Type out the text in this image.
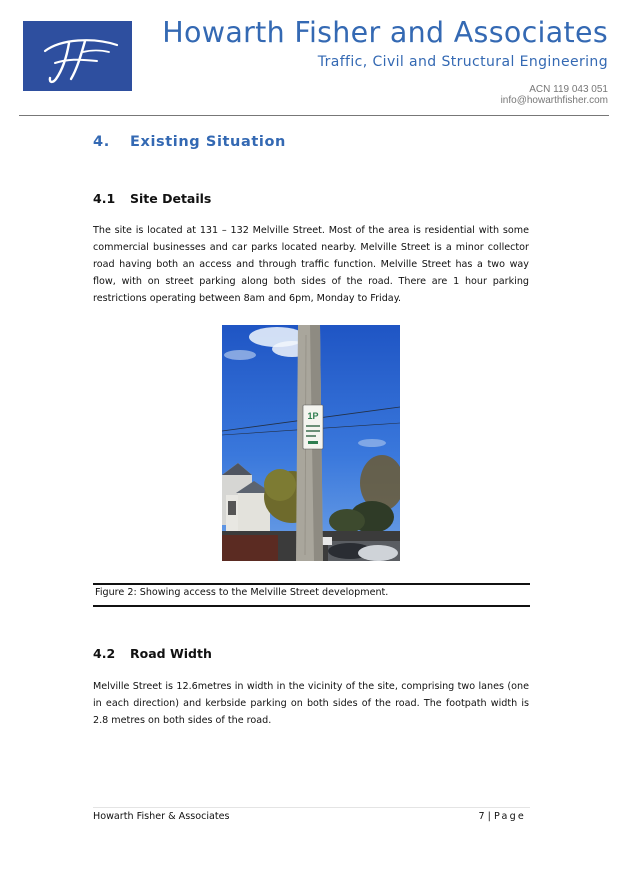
Howarth Fisher and Associates
Traffic, Civil and Structural Engineering
ACN 119 043 051
info@howarthfisher.com
4. Existing Situation
4.1 Site Details
The site is located at 131 – 132 Melville Street. Most of the area is residential with some commercial businesses and car parks located nearby. Melville Street is a minor collector road having both an access and through traffic function. Melville Street has a two way flow, with on street parking along both sides of the road. There are 1 hour parking restrictions operating between 8am and 6pm, Monday to Friday.
1P
Figure 2: Showing access to the Melville Street development.
4.2 Road Width
Melville Street is 12.6metres in width in the vicinity of the site, comprising two lanes (one in each direction) and kerbside parking on both sides of the road. The footpath width is 2.8 metres on both sides of the road.
Howarth Fisher & Associates	7 | Page
